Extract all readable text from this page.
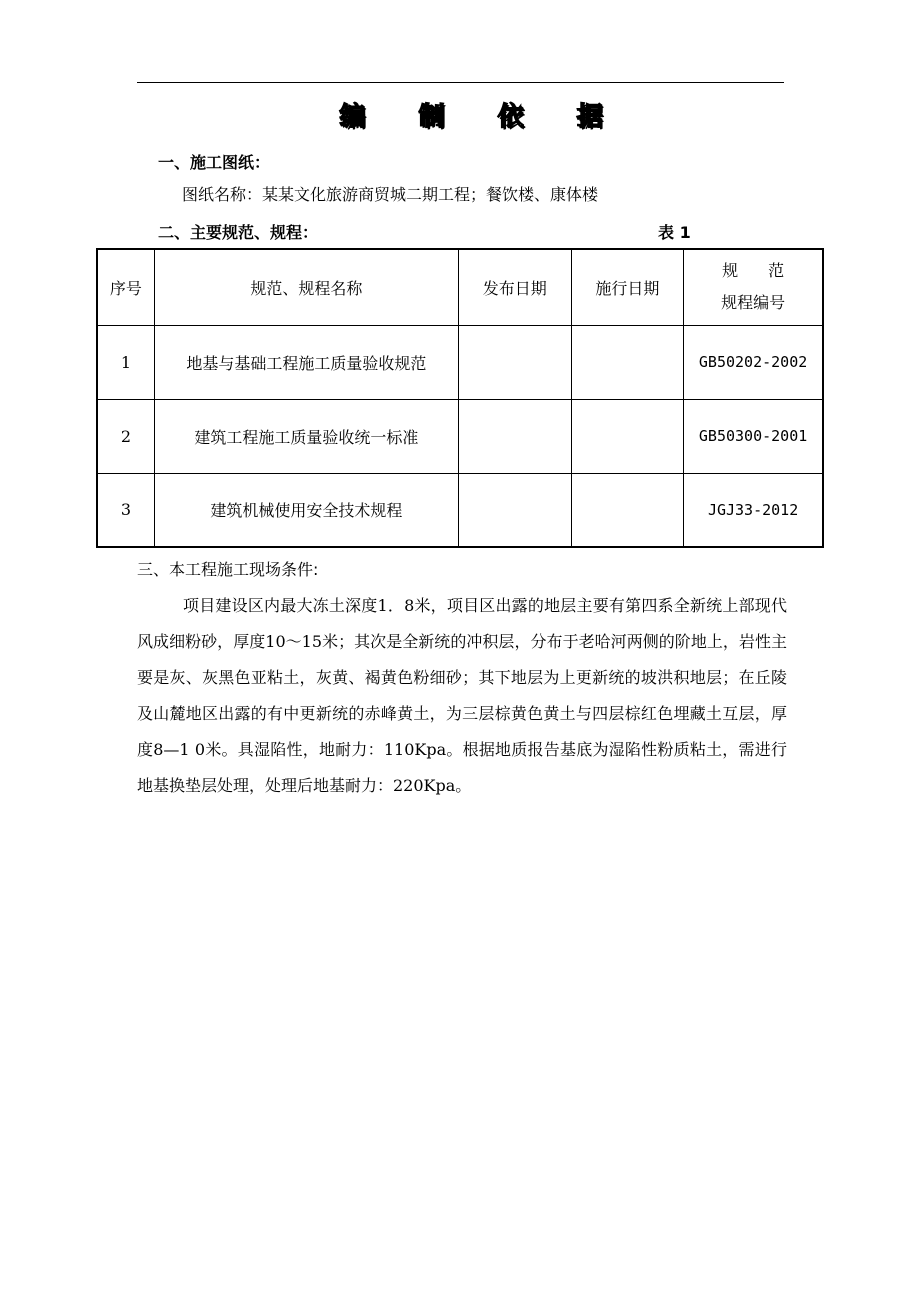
编 制 依 据
一、施工图纸：
图纸名称：某某文化旅游商贸城二期工程；餐饮楼、康体楼
二、主要规范、规程：	表 1
序号	规范、规程名称	发布日期	施行日期	规范
规程编号

1	地基与基础工程施工质量验收规范			GB50202-2002
2	建筑工程施工质量验收统一标准			GB50300-2001
3	建筑机械使用安全技术规程			JGJ33-2012
三、本工程施工现场条件:
项目建设区内最大冻土深度1．8米，项目区出露的地层主要有第四系全新统上部现代风成细粉砂，厚度10～15米；其次是全新统的冲积层，分布于老哈河两侧的阶地上，岩性主要是灰、灰黑色亚粘土，灰黄、褐黄色粉细砂；其下地层为上更新统的坡洪积地层；在丘陵及山麓地区出露的有中更新统的赤峰黄土，为三层棕黄色黄土与四层棕红色埋藏土互层，厚度8—1 0米。具湿陷性，地耐力：110Kpa。根据地质报告基底为湿陷性粉质粘土，需进行地基换垫层处理，处理后地基耐力：220Kpa。
